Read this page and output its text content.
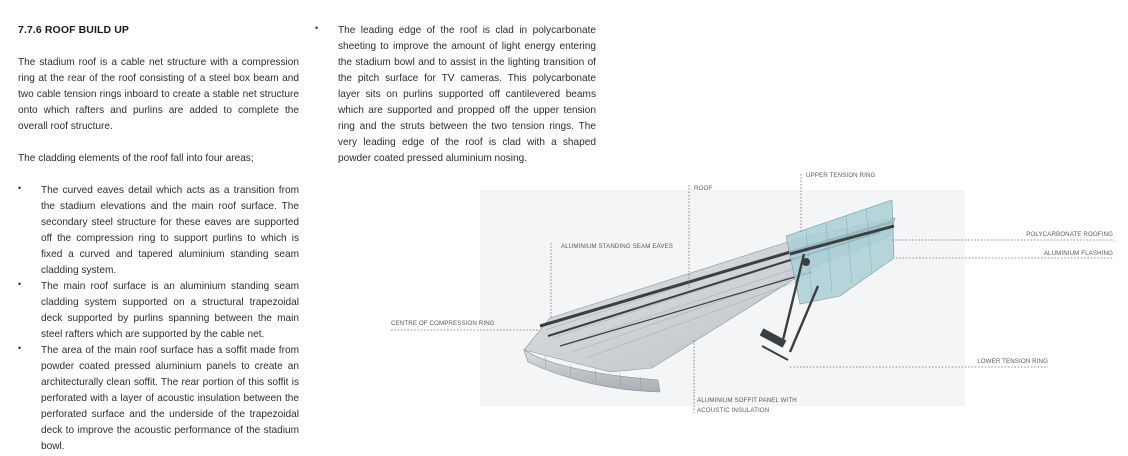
7.7.6 ROOF BUILD UP
The stadium roof is a cable net structure with a compression ring at the rear of the roof consisting of a steel box beam and two cable tension rings inboard to create a stable net structure onto which rafters and purlins are added to complete the overall roof structure.
The cladding elements of the roof fall into four areas;
• The curved eaves detail which acts as a transition from the stadium elevations and the main roof surface. The secondary steel structure for these eaves are supported off the compression ring to support purlins to which is fixed a curved and tapered aluminium standing seam cladding system.
• The main roof surface is an aluminium standing seam cladding system supported on a structural trapezoidal deck supported by purlins spanning between the main steel rafters which are supported by the cable net.
• The area of the main roof surface has a soffit made from powder coated pressed aluminium panels to create an architecturally clean soffit. The rear portion of this soffit is perforated with a layer of acoustic insulation between the perforated surface and the underside of the trapezoidal deck to improve the acoustic performance of the stadium bowl.
• The leading edge of the roof is clad in polycarbonate sheeting to improve the amount of light energy entering the stadium bowl and to assist in the lighting transition of the pitch surface for TV cameras. This polycarbonate layer sits on purlins supported off cantilevered beams which are supported and propped off the upper tension ring and the struts between the two tension rings. The very leading edge of the roof is clad with a shaped powder coated pressed aluminium nosing.
ROOF
UPPER TENSION RING
POLYCARBONATE ROOFING
ALUMINIUM FLASHING
ALUMINIUM STANDING SEAM EAVES
CENTRE OF COMPRESSION RING
LOWER TENSION RING
ALUMINIUM SOFFIT PANEL WITH
ACOUSTIC INSULATION
